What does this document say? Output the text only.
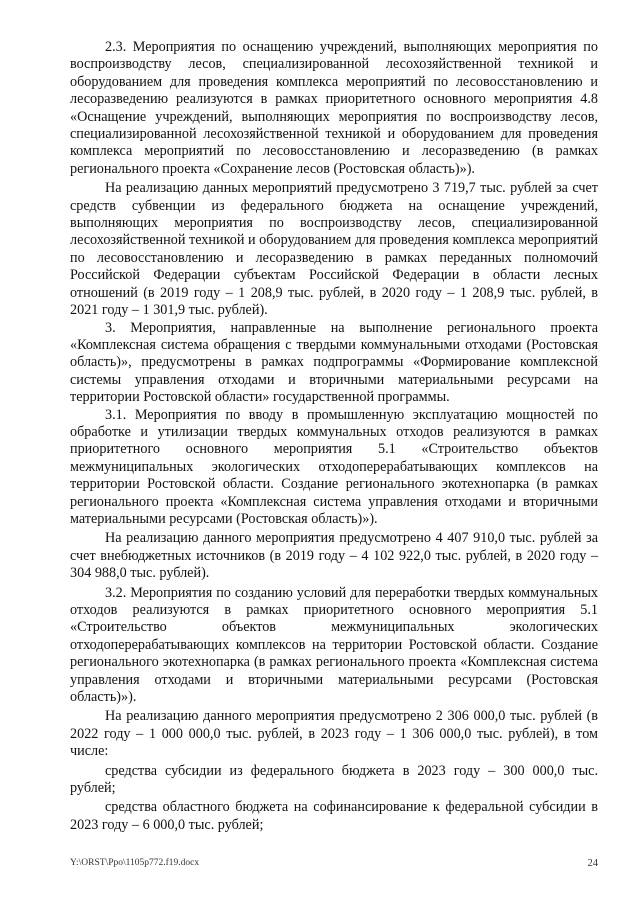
2.3. Мероприятия по оснащению учреждений, выполняющих мероприятия по воспроизводству лесов, специализированной лесохозяйственной техникой и оборудованием для проведения комплекса мероприятий по лесовосстановлению и лесоразведению реализуются в рамках приоритетного основного мероприятия 4.8 «Оснащение учреждений, выполняющих мероприятия по воспроизводству лесов, специализированной лесохозяйственной техникой и оборудованием для проведения комплекса мероприятий по лесовосстановлению и лесоразведению (в рамках регионального проекта «Сохранение лесов (Ростовская область)»).

На реализацию данных мероприятий предусмотрено 3 719,7 тыс. рублей за счет средств субвенции из федерального бюджета на оснащение учреждений, выполняющих мероприятия по воспроизводству лесов, специализированной лесохозяйственной техникой и оборудованием для проведения комплекса мероприятий по лесовосстановлению и лесоразведению в рамках переданных полномочий Российской Федерации субъектам Российской Федерации в области лесных отношений (в 2019 году – 1 208,9 тыс. рублей, в 2020 году – 1 208,9 тыс. рублей, в 2021 году – 1 301,9 тыс. рублей).

3. Мероприятия, направленные на выполнение регионального проекта «Комплексная система обращения с твердыми коммунальными отходами (Ростовская область)», предусмотрены в рамках подпрограммы «Формирование комплексной системы управления отходами и вторичными материальными ресурсами на территории Ростовской области» государственной программы.

3.1. Мероприятия по вводу в промышленную эксплуатацию мощностей по обработке и утилизации твердых коммунальных отходов реализуются в рамках приоритетного основного мероприятия 5.1 «Строительство объектов межмуниципальных экологических отходоперерабатывающих комплексов на территории Ростовской области. Создание регионального экотехнопарка (в рамках регионального проекта «Комплексная система управления отходами и вторичными материальными ресурсами (Ростовская область)»).

На реализацию данного мероприятия предусмотрено 4 407 910,0 тыс. рублей за счет внебюджетных источников (в 2019 году – 4 102 922,0 тыс. рублей, в 2020 году – 304 988,0 тыс. рублей).

3.2. Мероприятия по созданию условий для переработки твердых коммунальных отходов реализуются в рамках приоритетного основного мероприятия 5.1 «Строительство объектов межмуниципальных экологических отходоперерабатывающих комплексов на территории Ростовской области. Создание регионального экотехнопарка (в рамках регионального проекта «Комплексная система управления отходами и вторичными материальными ресурсами (Ростовская область)»).

На реализацию данного мероприятия предусмотрено 2 306 000,0 тыс. рублей (в 2022 году – 1 000 000,0 тыс. рублей, в 2023 году – 1 306 000,0 тыс. рублей), в том числе:

средства субсидии из федерального бюджета в 2023 году – 300 000,0 тыс. рублей;

средства областного бюджета на софинансирование к федеральной субсидии в 2023 году – 6 000,0 тыс. рублей;

Y:\ORST\Ppo\1105p772.f19.docx	24
